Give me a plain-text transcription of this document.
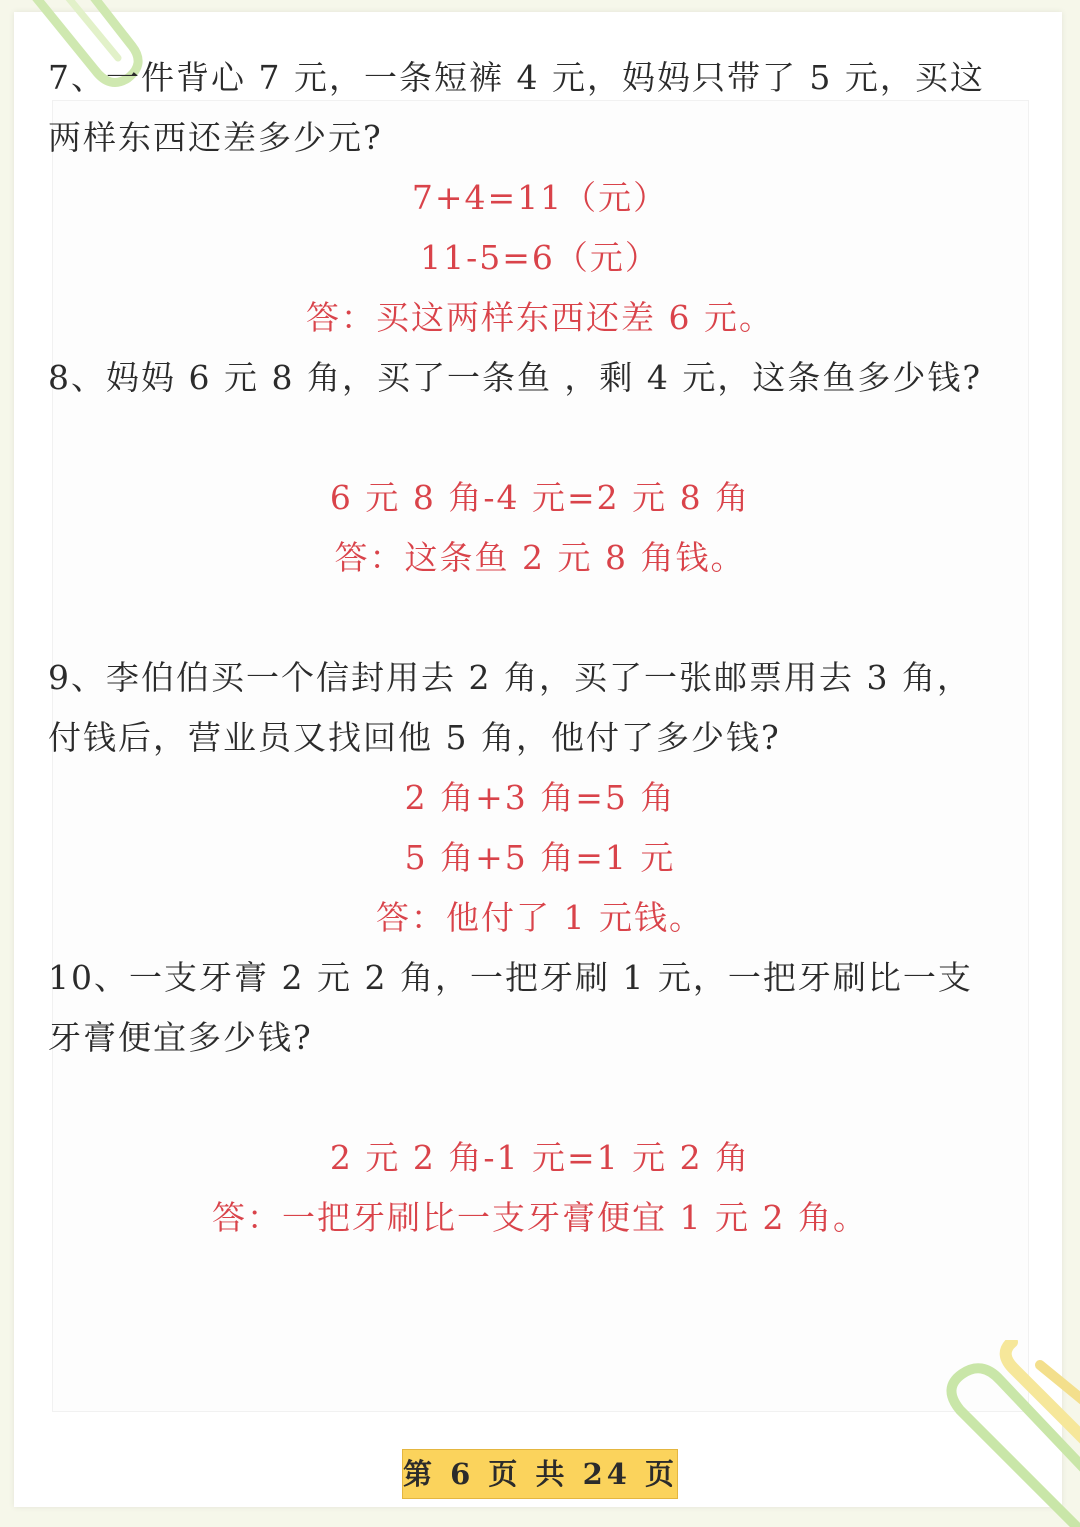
7、一件背心 7 元，一条短裤 4 元，妈妈只带了 5 元，买这
两样东西还差多少元?
7+4=11（元）
11-5=6（元）
答：买这两样东西还差 6 元。
8、妈妈 6 元 8 角，买了一条鱼 ，剩 4 元，这条鱼多少钱?
6 元 8 角-4 元=2 元 8 角
答：这条鱼 2 元 8 角钱。
9、李伯伯买一个信封用去 2 角，买了一张邮票用去 3 角，
付钱后，营业员又找回他 5 角，他付了多少钱?
2 角+3 角=5 角
5 角+5 角=1 元
答：他付了 1 元钱。
10、一支牙膏 2 元 2 角，一把牙刷 1 元，一把牙刷比一支
牙膏便宜多少钱?
2 元 2 角-1 元=1 元 2 角
答：一把牙刷比一支牙膏便宜 1 元 2 角。
第 6 页 共 24 页
